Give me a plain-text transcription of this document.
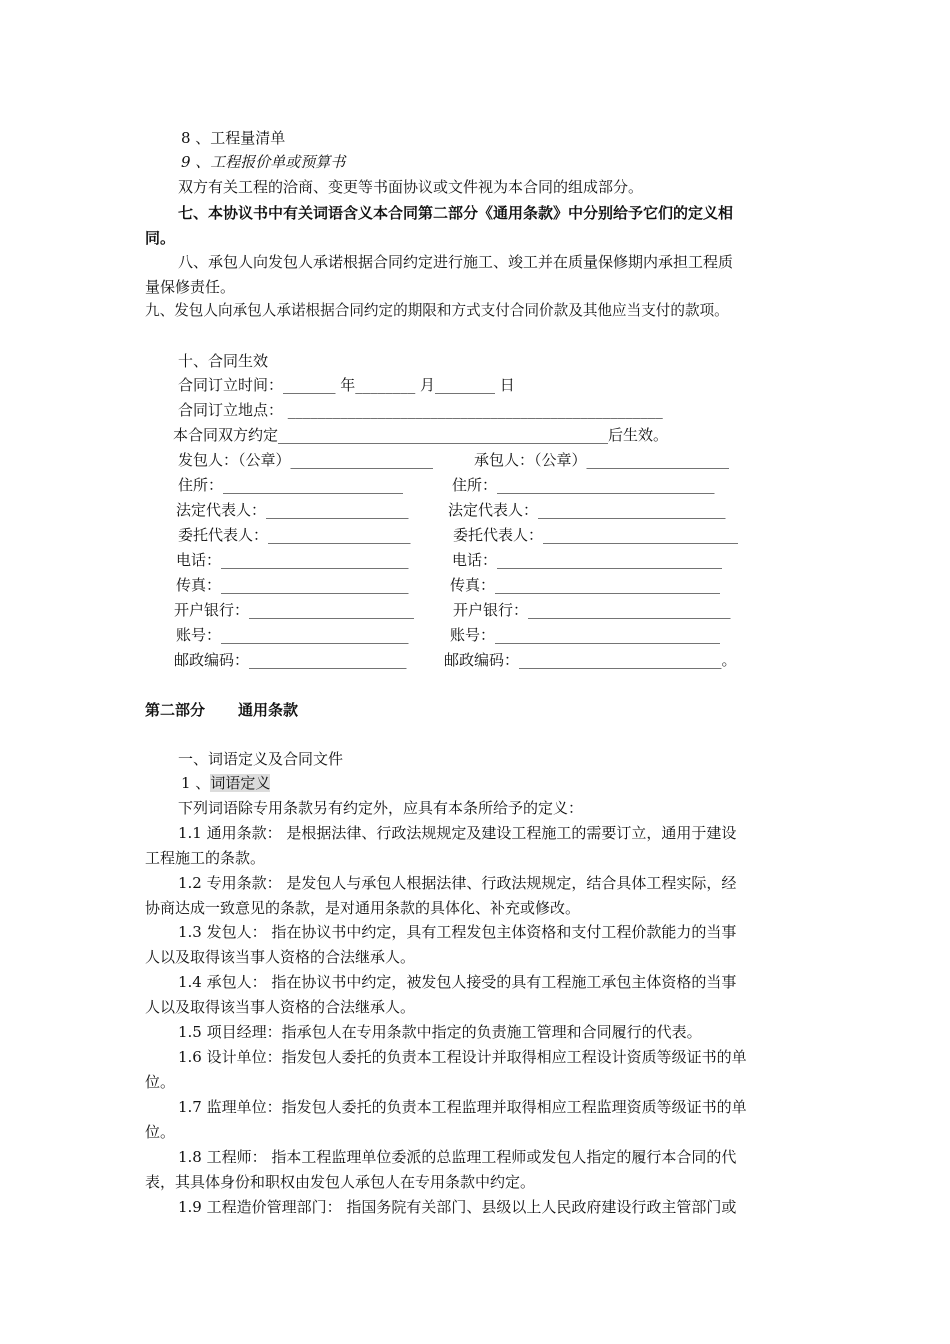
8 、工程量清单
9 、工程报价单或预算书
双方有关工程的洽商、变更等书面协议或文件视为本合同的组成部分。
七、本协议书中有关词语含义本合同第二部分《通用条款》中分别给予它们的定义相
同。
八、承包人向发包人承诺根据合同约定进行施工、竣工并在质量保修期内承担工程质
量保修责任。
九、发包人向承包人承诺根据合同约定的期限和方式支付合同价款及其他应当支付的款项。
十、合同生效
合同订立时间：_______ 年________ 月________ 日
合同订立地点： __________________________________________________
本合同双方约定____________________________________________后生效。
发包人：（公章）___________________	承包人：（公章）___________________
住所：________________________	住所：_____________________________
法定代表人：___________________	法定代表人：_________________________
委托代表人：___________________	委托代表人：__________________________
电话：_________________________	电话：______________________________
传真：_________________________	传真：______________________________
开户银行：______________________	开户银行：___________________________
账号：_________________________	账号：______________________________
邮政编码：_____________________ 邮政编码：___________________________。
第二部分 通用条款
一、词语定义及合同文件
1 、词语定义
下列词语除专用条款另有约定外，应具有本条所给予的定义：
1.1 通用条款： 是根据法律、行政法规规定及建设工程施工的需要订立，通用于建设
工程施工的条款。
1.2 专用条款： 是发包人与承包人根据法律、行政法规规定，结合具体工程实际，经
协商达成一致意见的条款，是对通用条款的具体化、补充或修改。
1.3 发包人： 指在协议书中约定，具有工程发包主体资格和支付工程价款能力的当事
人以及取得该当事人资格的合法继承人。
1.4 承包人： 指在协议书中约定，被发包人接受的具有工程施工承包主体资格的当事
人以及取得该当事人资格的合法继承人。
1.5 项目经理：指承包人在专用条款中指定的负责施工管理和合同履行的代表。
1.6 设计单位：指发包人委托的负责本工程设计并取得相应工程设计资质等级证书的单
位。
1.7 监理单位：指发包人委托的负责本工程监理并取得相应工程监理资质等级证书的单
位。
1.8 工程师： 指本工程监理单位委派的总监理工程师或发包人指定的履行本合同的代
表，其具体身份和职权由发包人承包人在专用条款中约定。
1.9 工程造价管理部门： 指国务院有关部门、县级以上人民政府建设行政主管部门或
